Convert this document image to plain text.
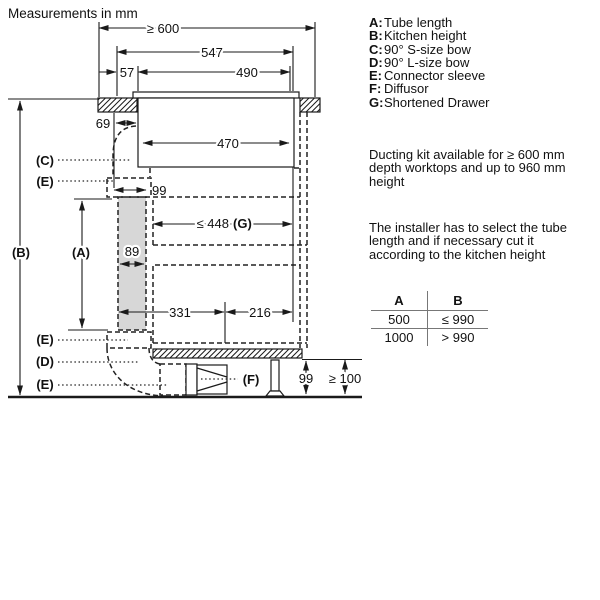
Measurements in mm
≥ 600
547
57	490
69
470
99
≤ 448 (G)
89
331	216
99 ≥ 100
(C)
(E)
(B)	(A)
(E)
(D)
(E)	(F)
A:Tube length
B:Kitchen height
C:90° S-size bow
D:90° L-size bow
E: Connector sleeve
F: Diffusor
G:Shortened Drawer
Ducting kit available for ≥ 600 mm
depth worktops and up to 960 mm
height
The installer has to select the tube
length and if necessary cut it
according to the kitchen height
A	B
500	≤ 990
1000	> 990
